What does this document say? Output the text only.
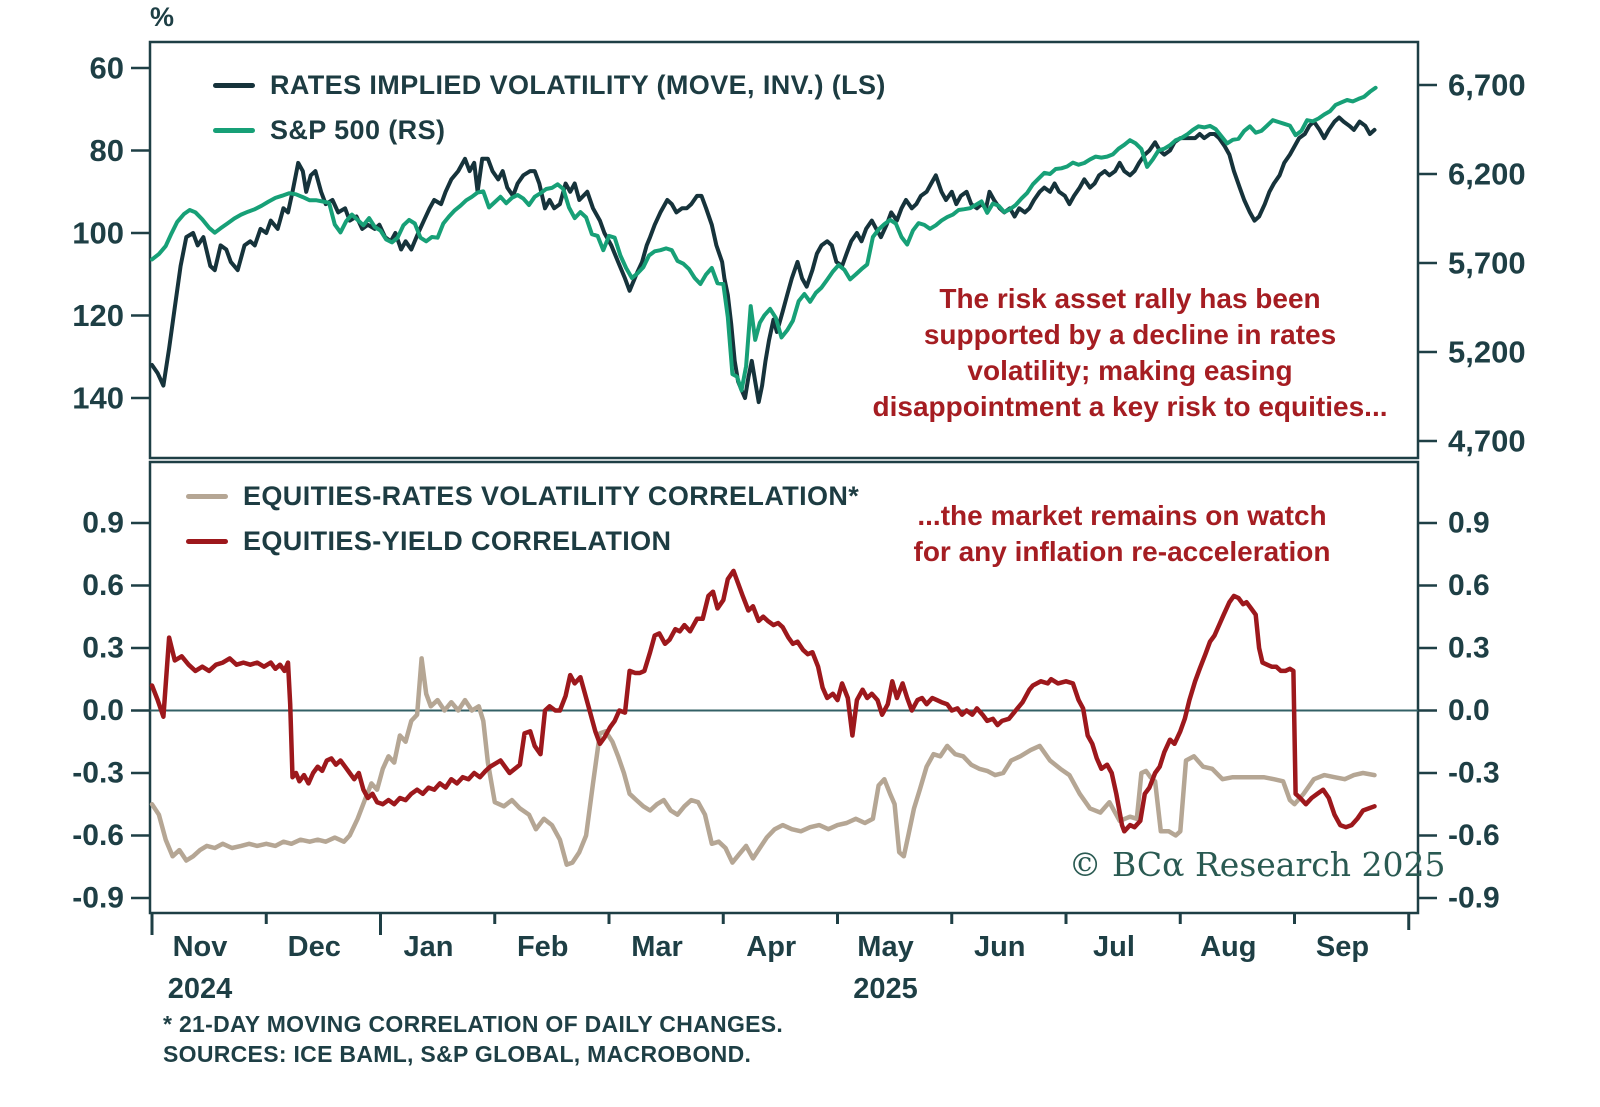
60
80
100
120
140
6,700
6,200
5,700
5,200
4,700
0.9
0.6
0.3
0.0
-0.3
-0.6
-0.9
0.9
0.6
0.3
0.0
-0.3
-0.6
-0.9
Nov Dec Jan Feb Mar Apr May Jun Jul Aug Sep
2024	2025
%
RATES IMPLIED VOLATILITY (MOVE, INV.) (LS)
S&P 500 (RS)
EQUITIES-RATES VOLATILITY CORRELATION*
EQUITIES-YIELD CORRELATION
The risk asset rally has been
supported by a decline in rates
volatility; making easing
disappointment a key risk to equities...
...the market remains on watch
for any inflation re-acceleration
© BCα Research 2025
* 21-DAY MOVING CORRELATION OF DAILY CHANGES.
SOURCES: ICE BAML, S&P GLOBAL, MACROBOND.
